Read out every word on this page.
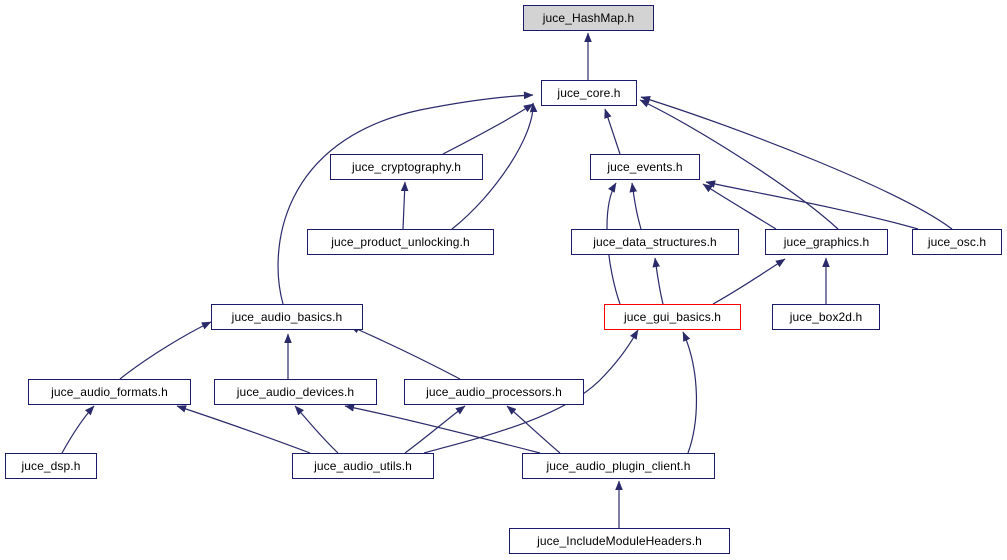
juce_HashMap.h
juce_core.h
juce_cryptography.h	juce_events.h
juce_product_unlocking.h	juce_data_structures.h	juce_graphics.h	juce_osc.h
juce_audio_basics.h	juce_gui_basics.h	juce_box2d.h
juce_audio_formats.h	juce_audio_devices.h	juce_audio_processors.h
juce_dsp.h	juce_audio_utils.h	juce_audio_plugin_client.h
juce_IncludeModuleHeaders.h
